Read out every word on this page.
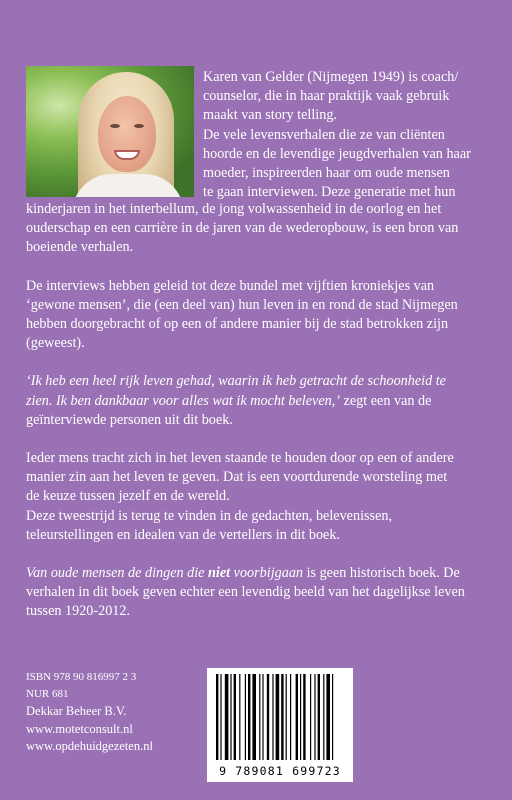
Karen van Gelder (Nijmegen 1949) is coach/
counselor, die in haar praktijk vaak gebruik
maakt van story telling.
De vele levensverhalen die ze van cliënten
hoorde en de levendige jeugdverhalen van haar
moeder, inspireerden haar om oude mensen
te gaan interviewen. Deze generatie met hun
kinderjaren in het interbellum, de jong volwassenheid in de oorlog en het
ouderschap en een carrière in de jaren van de wederopbouw, is een bron van
boeiende verhalen.
De interviews hebben geleid tot deze bundel met vijftien kroniekjes van
‘gewone mensen’, die (een deel van) hun leven in en rond de stad Nijmegen
hebben doorgebracht of op een of andere manier bij de stad betrokken zijn
(geweest).
‘Ik heb een heel rijk leven gehad, waarin ik heb getracht de schoonheid te
zien. Ik ben dankbaar voor alles wat ik mocht beleven,’ zegt een van de
geïnterviewde personen uit dit boek.
Ieder mens tracht zich in het leven staande te houden door op een of andere
manier zin aan het leven te geven. Dat is een voortdurende worsteling met
de keuze tussen jezelf en de wereld.
Deze tweestrijd is terug te vinden in de gedachten, belevenissen,
teleurstellingen en idealen van de vertellers in dit boek.
Van oude mensen de dingen die niet voorbijgaan is geen historisch boek. De
verhalen in dit boek geven echter een levendig beeld van het dagelijkse leven
tussen 1920-2012.
ISBN 978 90 816997 2 3
NUR 681
Dekkar Beheer B.V.
www.motetconsult.nl
www.opdehuidgezeten.nl
9 789081 699723
